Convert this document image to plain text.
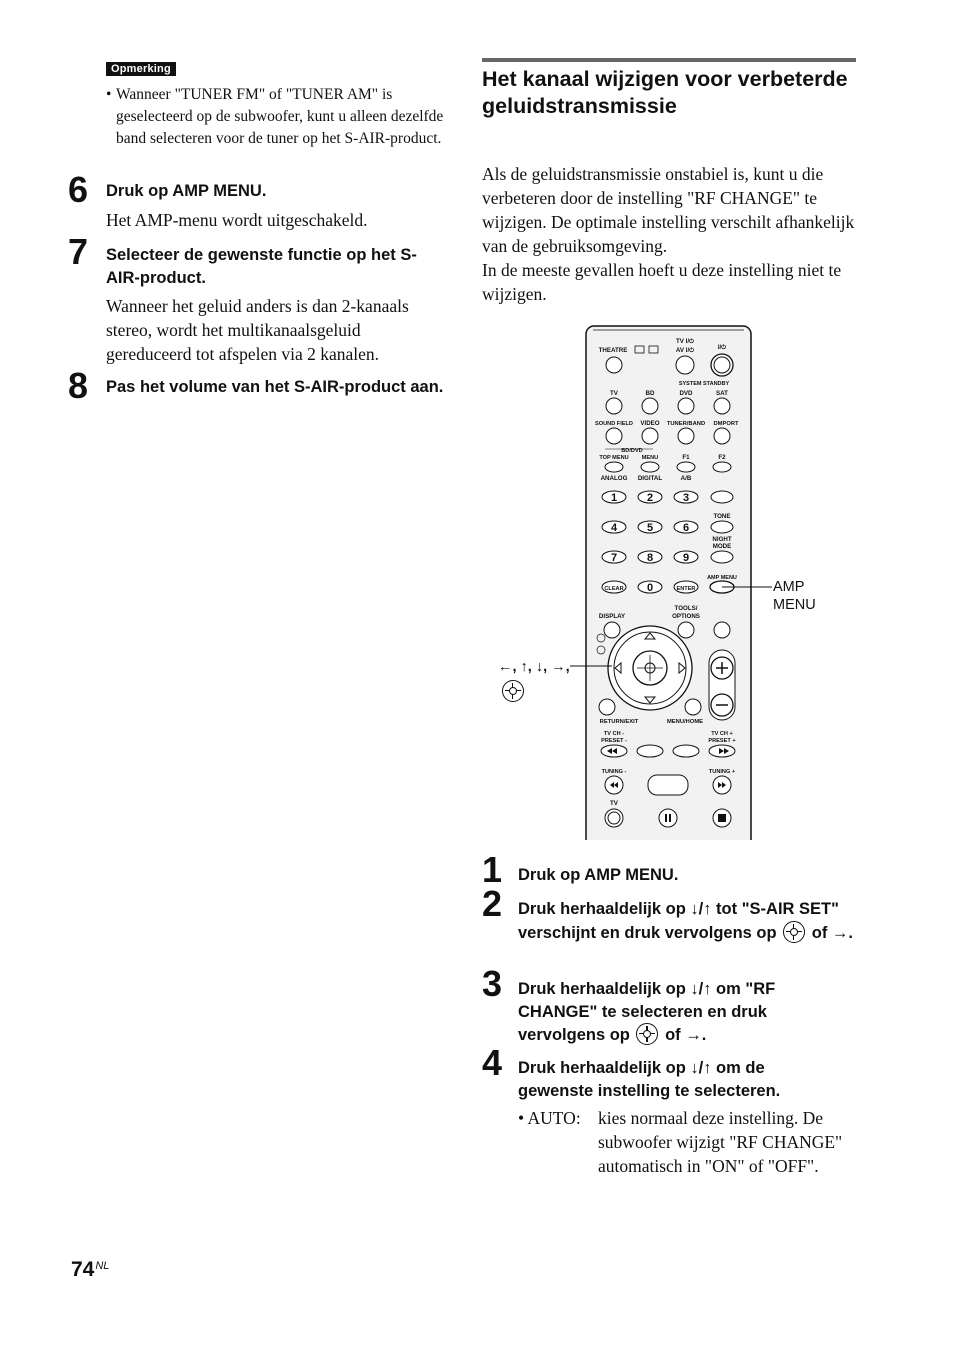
Opmerking
• Wanneer "TUNER FM" of "TUNER AM" is geselecteerd op de subwoofer, kunt u alleen dezelfde band selecteren voor de tuner op het S-AIR-product.
6 Druk op AMP MENU.
Het AMP-menu wordt uitgeschakeld.
7 Selecteer de gewenste functie op het S-AIR-product.
Wanneer het geluid anders is dan 2-kanaals stereo, wordt het multikanaalsgeluid gereduceerd tot afspelen via 2 kanalen.
8 Pas het volume van het S-AIR-product aan.
Het kanaal wijzigen voor verbeterde geluidstransmissie

Als de geluidstransmissie onstabiel is, kunt u die verbeteren door de instelling "RF CHANGE" te wijzigen. De optimale instelling verschilt afhankelijk van de gebruiksomgeving.

In de meeste gevallen hoeft u deze instelling niet te wijzigen.

THEATRE
TV I/⏻
AV I/⏻	I/⏻
SYSTEM STANDBY
TV	BD	DVD	SAT
SOUND FIELD VIDEO TUNER/BAND DMPORT
BD/DVD
TOP MENU MENU	F1	F2
ANALOG DIGITAL	A/B
1	2	3
4	5	6
7	8	9
0
TONE
NIGHT
MODE
CLEAR	ENTER
AMP MENU
DISPLAY
TOOLS/
OPTIONS
RETURN/EXIT	MENU/HOME
TV CH -
PRESET -
TV CH +
PRESET +
TUNING -	TUNING +
TV
AMP MENU
←, ↑, ↓, →,
1 Druk op AMP MENU.
2 Druk herhaaldelijk op ↓/↑ tot "S-AIR SET" verschijnt en druk vervolgens op of →.
3 Druk herhaaldelijk op ↓/↑ om "RF CHANGE" te selecteren en druk vervolgens op of →.
4 Druk herhaaldelijk op ↓/↑ om de gewenste instelling te selecteren.
• AUTO: kies normaal deze instelling. De subwoofer wijzigt "RF CHANGE" automatisch in "ON" of "OFF".
$74^{NL}$
